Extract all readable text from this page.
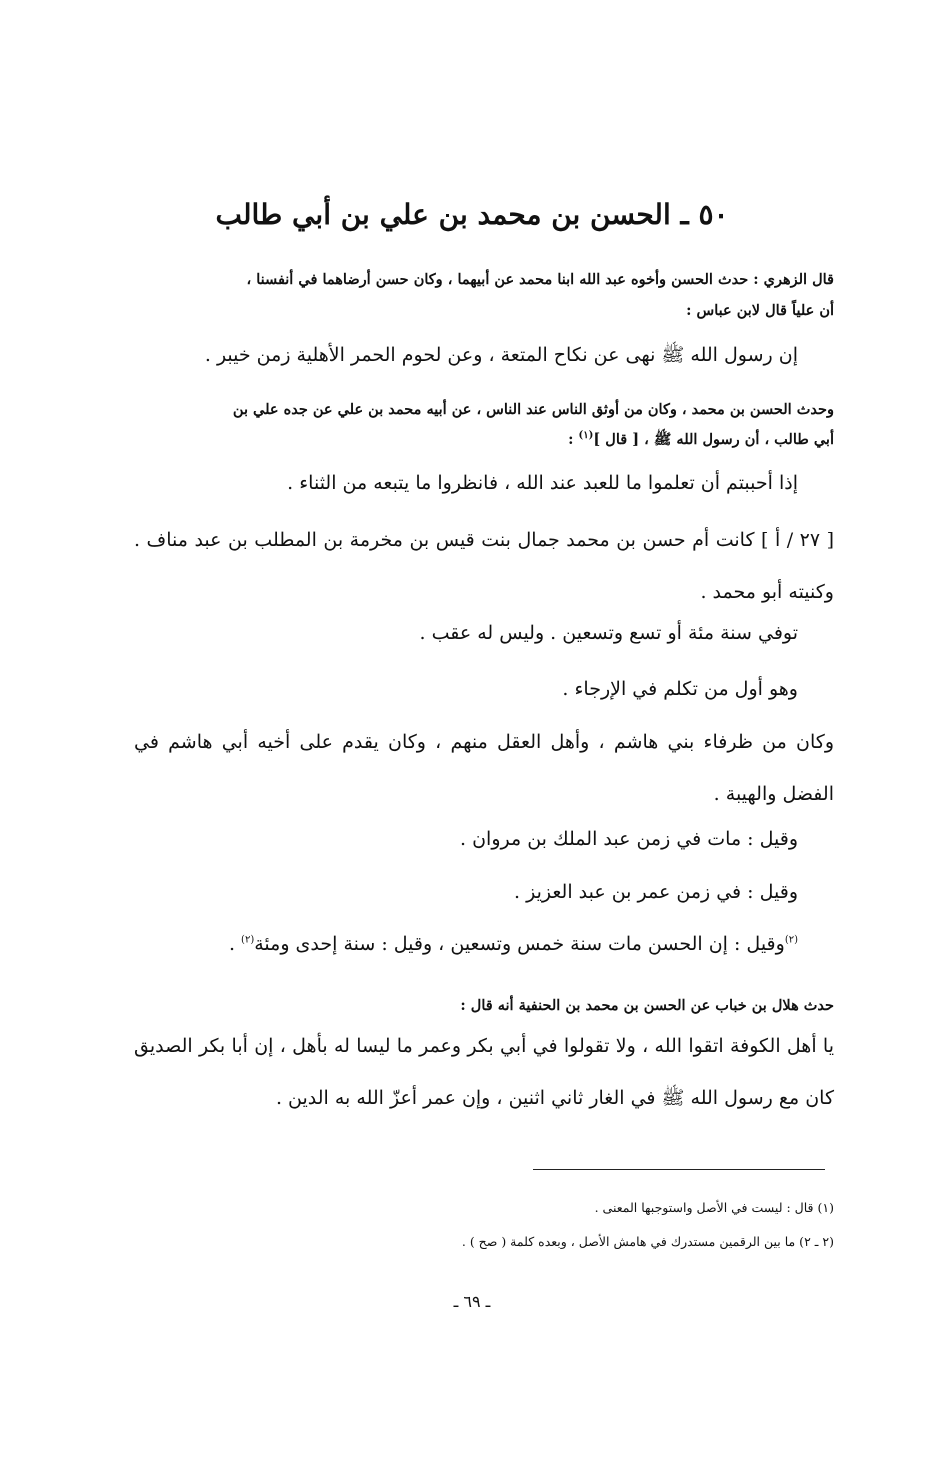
٥٠ ـ الحسن بن محمد بن علي بن أبي طالب
قال الزهري : حدث الحسن وأخوه عبد الله ابنا محمد عن أبيهما ، وكان حسن أرضاهما في أنفسنا ،
أن علياً قال لابن عباس :
إن رسول الله ﷺ نهى عن نكاح المتعة ، وعن لحوم الحمر الأهلية زمن خيبر .
وحدث الحسن بن محمد ، وكان من أوثق الناس عند الناس ، عن أبيه محمد بن علي عن جده علي بن
أبي طالب ، أن رسول الله ﷺ ، [ قال ]$^{(١)}$ :
إذا أحببتم أن تعلموا ما للعبد عند الله ، فانظروا ما يتبعه من الثناء .
[ ٢٧ / أ ] كانت أم حسن بن محمد جمال بنت قيس بن مخرمة بن المطلب بن عبد مناف . وكنيته أبو محمد .
توفي سنة مئة أو تسع وتسعين . وليس له عقب .
وهو أول من تكلم في الإرجاء .
وكان من ظرفاء بني هاشم ، وأهل العقل منهم ، وكان يقدم على أخيه أبي هاشم في الفضل والهيبة .
وقيل : مات في زمن عبد الملك بن مروان .
وقيل : في زمن عمر بن عبد العزيز .
$^{(٢)}$وقيل : إن الحسن مات سنة خمس وتسعين ، وقيل : سنة إحدى ومئة$^{(٢)}$ .
حدث هلال بن خباب عن الحسن بن محمد بن الحنفية أنه قال :
يا أهل الكوفة اتقوا الله ، ولا تقولوا في أبي بكر وعمر ما ليسا له بأهل ، إن أبا بكر الصديق كان مع رسول الله ﷺ في الغار ثاني اثنين ، وإن عمر أعزّ الله به الدين .
(١) قال : ليست في الأصل واستوجبها المعنى .
(٢ ـ ٢) ما بين الرقمين مستدرك في هامش الأصل ، وبعده كلمة ( صح ) .
ـ ٦٩ ـ
